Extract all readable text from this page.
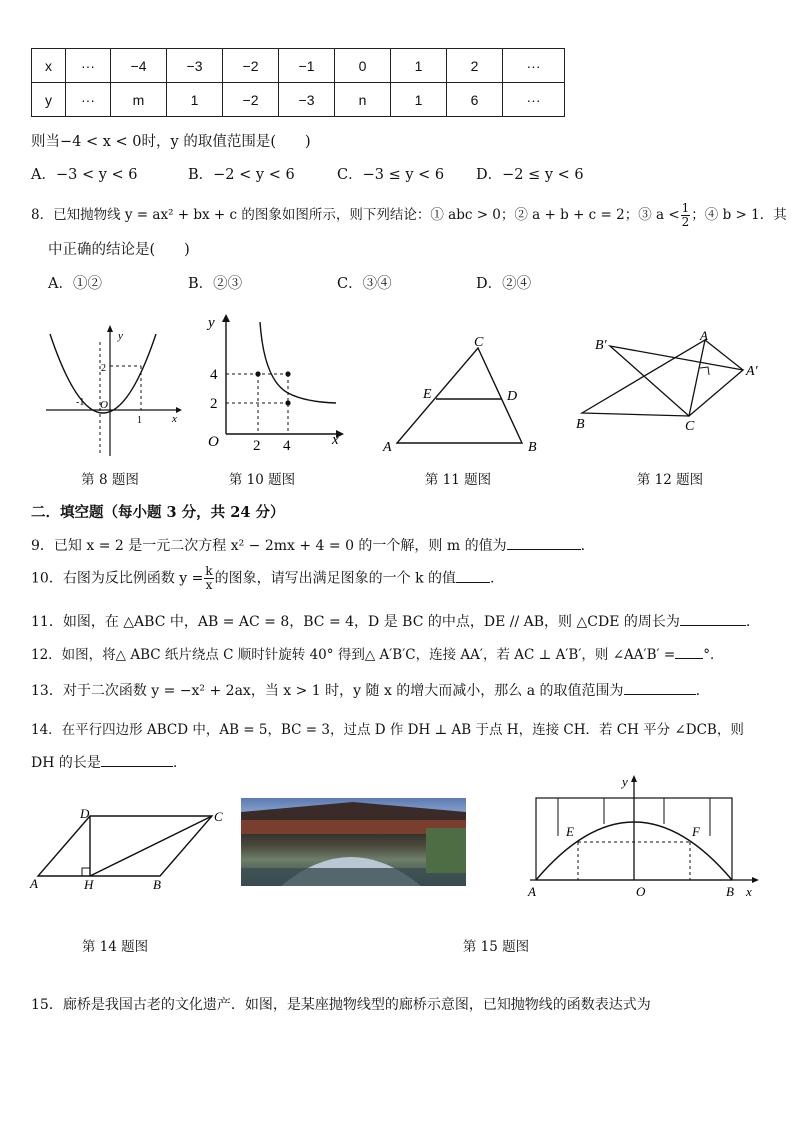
x	···	−4	−3	−2	−1	0	1	2	···
y	···	m	1	−2	−3	n	1	6	···
则当−4 < x < 0时，y 的取值范围是(　　)
A．−3 < y < 6	B．−2 < y < 6	C．−3 ≤ y < 6 D．−2 ≤ y < 6
8．已知抛物线 y = ax² + bx + c 的图象如图所示，则下列结论：① abc > 0；② a + b + c = 2；③ $a < \frac{1}{2}$ ；④ b > 1．其
中正确的结论是(　　)
A．①②	B．②③	C．③④	D．②④
y
x
O
2
-1
1
第 8 题图
y
x
O
4
2
2 4
第 10 题图
C
E	D
A	B
第 11 题图
B′
A
A′
B	C
第 12 题图
二．填空题（每小题 3 分，共 24 分）
9．已知 x = 2 是一元二次方程 x² − 2mx + 4 = 0 的一个解，则 m 的值为	.
10．右图为反比例函数 $y = \frac{k}{x}$ 的图象，请写出满足图象的一个 k 的值 .
11．如图，在 △ABC 中，AB = AC = 8，BC = 4，D 是 BC 的中点，DE // AB，则 △CDE 的周长为	.
12．如图，将△ ABC 纸片绕点 C 顺时针旋转 40° 得到△ A′B′C，连接 AA′，若 AC ⊥ A′B′，则 ∠AA′B′ = °．
13．对于二次函数 y = −x² + 2ax，当 x > 1 时，y 随 x 的增大而减小，那么 a 的取值范围为	.
14．在平行四边形 ABCD 中，AB = 5，BC = 3，过点 D 作 DH ⊥ AB 于点 H，连接 CH．若 CH 平分 ∠DCB，则
DH 的长是	.
D	C
A	H	B
第 14 题图
y
x
E	F
A	O	B
第 15 题图
15．廊桥是我国古老的文化遗产．如图，是某座抛物线型的廊桥示意图，已知抛物线的函数表达式为
